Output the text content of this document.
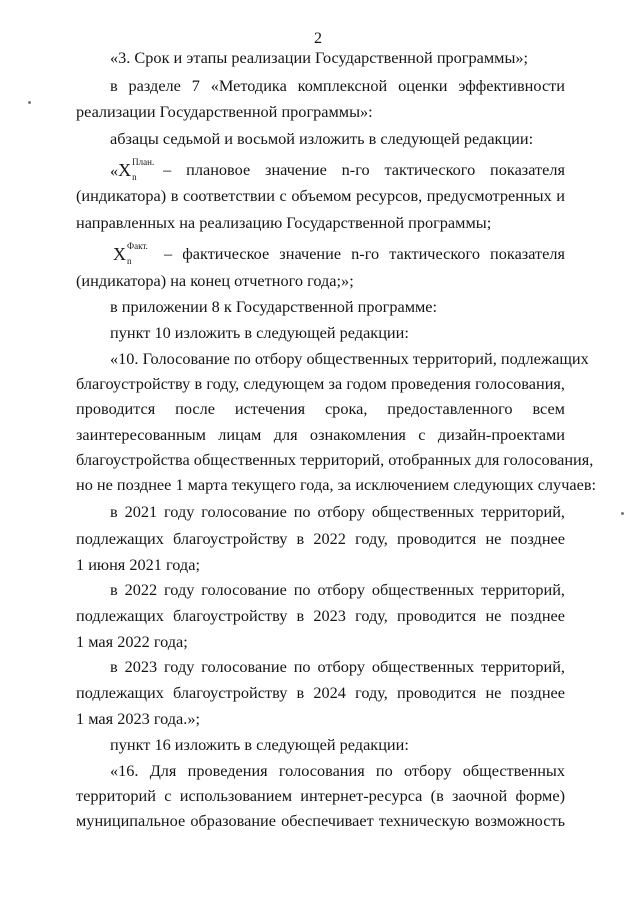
2
«3. Срок и этапы реализации Государственной программы»;
в разделе 7 «Методика комплексной оценки эффективности
реализации Государственной программы»:
абзацы седьмой и восьмой изложить в следующей редакции:
«X План.
n – плановое значение n-го тактического показателя
(индикатора) в соответствии с объемом ресурсов, предусмотренных и
направленных на реализацию Государственной программы;
X Факт.
n – фактическое значение n-го тактического показателя
(индикатора) на конец отчетного года;»;
в приложении 8 к Государственной программе:
пункт 10 изложить в следующей редакции:
«10. Голосование по отбору общественных территорий, подлежащих
благоустройству в году, следующем за годом проведения голосования,
проводится после истечения срока, предоставленного всем
заинтересованным лицам для ознакомления с дизайн-проектами
благоустройства общественных территорий, отобранных для голосования,
но не позднее 1 марта текущего года, за исключением следующих случаев:
в 2021 году голосование по отбору общественных территорий,
подлежащих благоустройству в 2022 году, проводится не позднее
1 июня 2021 года;
в 2022 году голосование по отбору общественных территорий,
подлежащих благоустройству в 2023 году, проводится не позднее
1 мая 2022 года;
в 2023 году голосование по отбору общественных территорий,
подлежащих благоустройству в 2024 году, проводится не позднее
1 мая 2023 года.»;
пункт 16 изложить в следующей редакции:
«16. Для проведения голосования по отбору общественных
территорий с использованием интернет-ресурса (в заочной форме)
муниципальное образование обеспечивает техническую возможность
